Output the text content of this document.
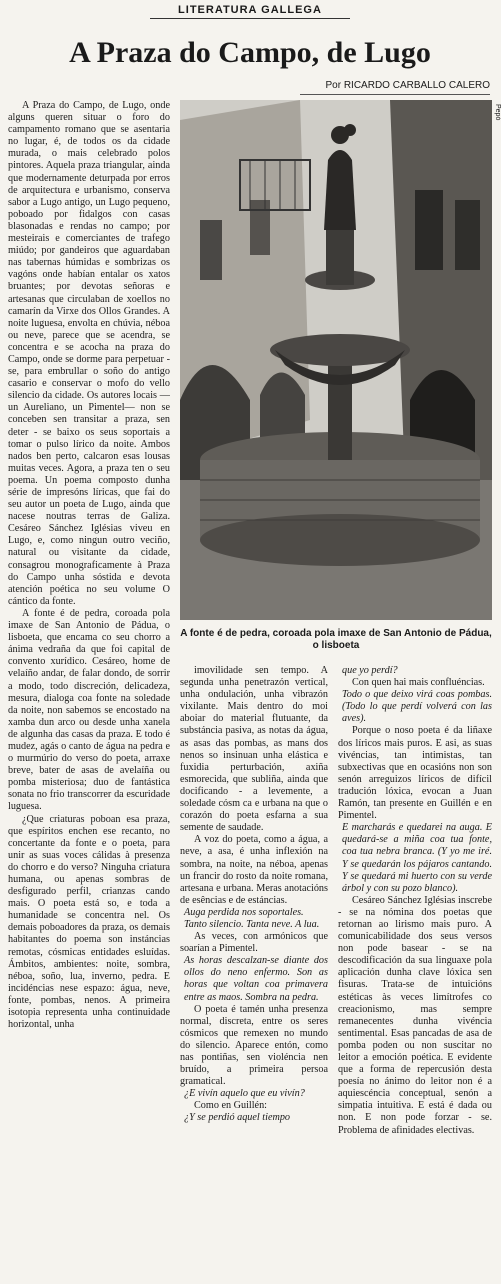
LITERATURA GALLEGA
A Praza do Campo, de Lugo
Por RICARDO CARBALLO CALERO

A Praza do Campo, de Lugo, onde alguns queren situar o foro do campamento romano que se asentaria no lugar, é, de todos os da cidade murada, o mais celebrado polos pintores. Aquela praza triangular, ainda que modernamente deturpada por erros de arquitectura e urbanismo, conserva sabor a Lugo antigo, un Lugo pequeno, poboado por fidalgos con casas blasonadas e rendas no campo; por mesteirais e comerciantes de trafego miúdo; por gandeiros que aguardaban nas tabernas húmidas e sombrizas os vagóns onde habían entalar os xatos bruantes; por devotas señoras e artesanas que circulaban de xoellos no camarín da Virxe dos Ollos Grandes. A noite luguesa, envolta en chúvia, néboa ou neve, parece que se acendra, se concentra e se acocha na praza do Campo, onde se dorme para perpetuar - se, para embrullar o soño do antigo casario e conservar o mofo do vello silencio da cidade. Os autores locais —un Aureliano, un Pimentel— non se conceben sen transitar a praza, sen deter - se baixo os seus soportais a tomar o pulso lírico da noite. Ambos nados ben perto, calcaron esas lousas muitas veces. Agora, a praza ten o seu poema. Un poema composto dunha série de impresóns líricas, que fai do seu autor un poeta de Lugo, ainda que nacese noutras terras de Galiza. Cesáreo Sánchez Iglésias viveu en Lugo, e, como ningun outro veciño, natural ou visitante da cidade, consagrou monograficamente à Praza do Campo unha sóstida e devota atención poética no seu volume O cántico da fonte.

A fonte é de pedra, coroada pola imaxe de San Antonio de Pádua, o lisboeta, que encama co seu chorro a ánima vedraña da que foi capital de convento xurídico. Cesáreo, home de velaíño andar, de falar dondo, de sorrir a modo, todo discreción, delicadeza, mesura, dialoga coa fonte na soledade da noite, non sabemos se encostado na xamba dun arco ou desde unha xanela de algunha das casas da praza. E todo é mudez, agás o canto de água na pedra e o murmúrio do verso do poeta, arraxe breve, bater de asas de avelaíña ou pomba misteriosa; duo de fantástica sonata no frio transcorrer da escuridade luguesa.

¿Que criaturas poboan esa praza, que espíritos enchen ese recanto, no concertante da fonte e o poeta, para unir as suas voces cálidas à presenza do chorro e do verso? Ninguha criatura humana, ou apenas sombras de desfigurado perfil, crianzas cando mais. O poeta está so, e toda a humanidade se concentra nel. Os demais poboadores da praza, os demais habitantes do poema son instáncias remotas, cósmicas entidades esluídas. Ámbitos, ambientes: noite, sombra, néboa, soño, lua, inverno, pedra. E incidéncias nese espazo: água, neve, fonte, pombas, nenos. A primeira isotopia representa unha continuidade horizontal, unha

Pepó
A fonte é de pedra, coroada pola imaxe de San Antonio de Pádua, o lisboeta

imovilidade sen tempo. A segunda unha penetrazón vertical, unha ondulación, unha vibrazón vixilante. Mais dentro do moi aboiar do material flutuante, da substáncia pasiva, as notas da água, as asas das pombas, as mans dos nenos so insinuan unha elástica e fuxidia perturbación, axiña esmorecida, que subliña, ainda que docificando - a levemente, a soledade cósm ca e urbana na que o corazón do poeta esfarna a sua semente de saudade.

A voz do poeta, como a água, a neve, a asa, é unha inflexión na sombra, na noite, na néboa, apenas un francir do rosto da noite romana, artesana e urbana. Meras anotacións de esências e de estáncias.

Auga perdida nos soportales.

Tanto silencio. Tanta neve. A lua.

As veces, con armónicos que soarían a Pimentel.

As horas descalzan-se diante dos ollos do neno enfermo. Son as horas que voltan coa primavera entre as maos. Sombra na pedra.

O poeta é tamén unha presenza normal, discreta, entre os seres cósmicos que remexen no mundo do silencio. Aparece entón, como nas pontiñas, sen violéncia nen bruído, a primeira persoa gramatical.

¿E vivín aquelo que eu vivín?

Como en Guillén:

¿Y se perdió aquel tiempo

que yo perdí?

Con quen hai mais confluéncias.

Todo o que deixo virá coas pombas. (Todo lo que perdí volverá con las aves).

Porque o noso poeta é da liñaxe dos líricos mais puros. E asi, as suas vivéncias, tan intimistas, tan subxectivas que en ocasións non son senón arreguizos líricos de difícil tradución lóxica, evocan a Juan Ramón, tan presente en Guillén e en Pimentel.

E marcharás e quedarei na auga. E quedará-se a miña coa tua fonte, coa tua nebra branca. (Y yo me iré. Y se quedarán los pájaros cantando. Y se quedará mi huerto con su verde árbol y con su pozo blanco).

Cesáreo Sánchez Iglésias inscrebe - se na nómina dos poetas que retornan ao lirismo mais puro. A comunicabilidade dos seus versos non pode basear - se na descodificación da sua linguaxe pola aplicación dunha clave lóxica sen fisuras. Trata-se de intuicións estéticas às veces limítrofes co creacionismo, mas sempre remanecentes dunha vivéncia sentimental. Esas pancadas de asa de pomba poden ou non suscitar no leitor a emoción poética. E evidente que a forma de repercusión desta poesía no ánimo do leitor non é a aquiescéncia conceptual, senón a simpatia intuitiva. E está é dada ou non. E non pode forzar - se. Problema de afinidades electivas.
